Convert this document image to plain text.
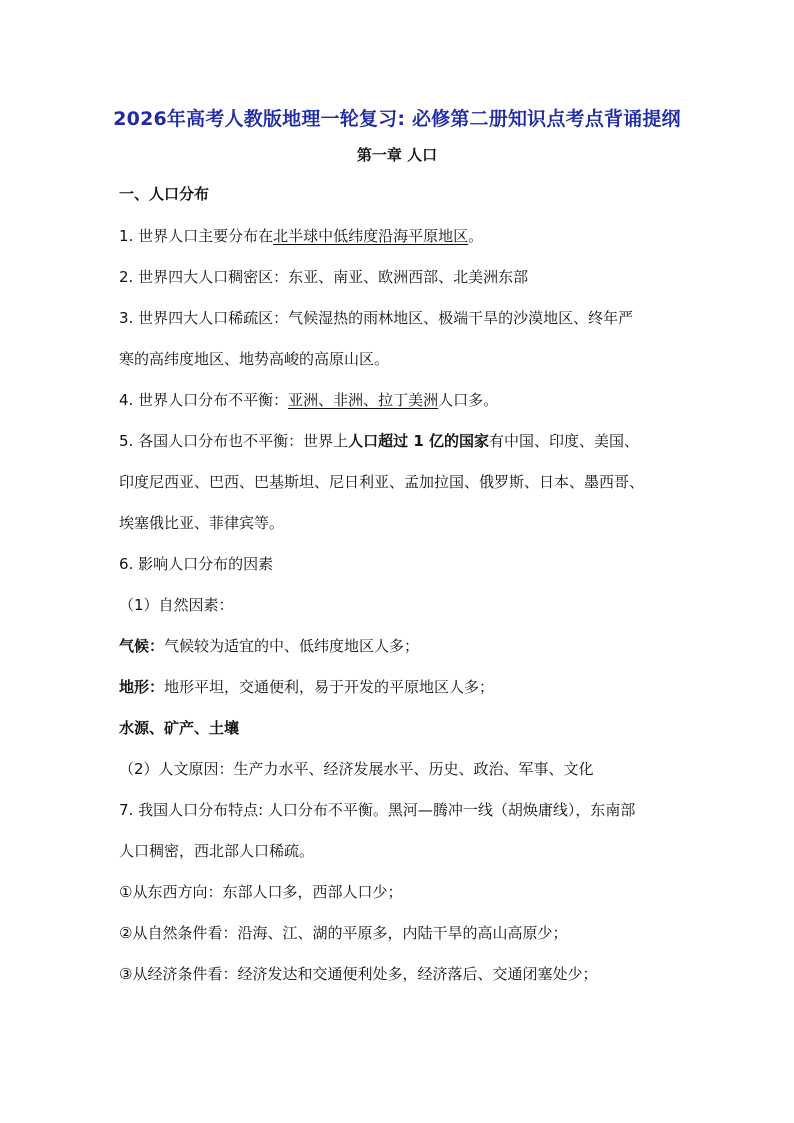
2026年高考人教版地理一轮复习: 必修第二册知识点考点背诵提纲
第一章 人口
一、人口分布
1. 世界人口主要分布在北半球中低纬度沿海平原地区。
2. 世界四大人口稠密区：东亚、南亚、欧洲西部、北美洲东部
3. 世界四大人口稀疏区：气候湿热的雨林地区、极端干旱的沙漠地区、终年严
寒的高纬度地区、地势高峻的高原山区。
4. 世界人口分布不平衡：亚洲、非洲、拉丁美洲人口多。
5. 各国人口分布也不平衡：世界上人口超过 1 亿的国家有中国、印度、美国、
印度尼西亚、巴西、巴基斯坦、尼日利亚、孟加拉国、俄罗斯、日本、墨西哥、
埃塞俄比亚、菲律宾等。
6. 影响人口分布的因素
（1）自然因素：
气候：气候较为适宜的中、低纬度地区人多；
地形：地形平坦，交通便利，易于开发的平原地区人多；
水源、矿产、土壤
（2）人文原因：生产力水平、经济发展水平、历史、政治、军事、文化
7. 我国人口分布特点: 人口分布不平衡。黑河—腾冲一线（胡焕庸线），东南部
人口稠密，西北部人口稀疏。
①从东西方向：东部人口多，西部人口少；
②从自然条件看：沿海、江、湖的平原多，内陆干旱的高山高原少；
③从经济条件看：经济发达和交通便利处多，经济落后、交通闭塞处少；
